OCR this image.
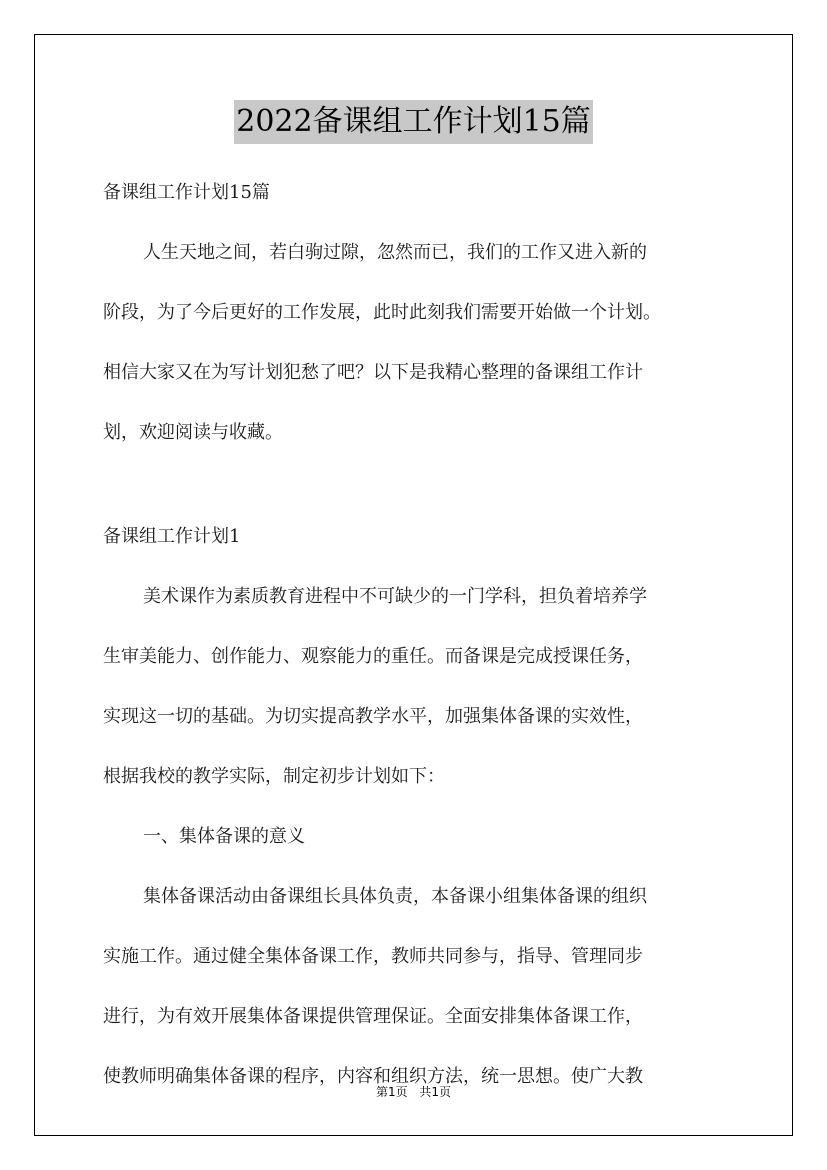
2022备课组工作计划15篇

备课组工作计划15篇

人生天地之间，若白驹过隙，忽然而已，我们的工作又进入新的

阶段，为了今后更好的工作发展，此时此刻我们需要开始做一个计划。

相信大家又在为写计划犯愁了吧？以下是我精心整理的备课组工作计

划，欢迎阅读与收藏。

备课组工作计划1

美术课作为素质教育进程中不可缺少的一门学科，担负着培养学

生审美能力、创作能力、观察能力的重任。而备课是完成授课任务，

实现这一切的基础。为切实提高教学水平，加强集体备课的实效性，

根据我校的教学实际，制定初步计划如下：

一、集体备课的意义

集体备课活动由备课组长具体负责，本备课小组集体备课的组织

实施工作。通过健全集体备课工作，教师共同参与，指导、管理同步

进行，为有效开展集体备课提供管理保证。全面安排集体备课工作，

使教师明确集体备课的程序，内容和组织方法，统一思想。使广大教

第1页 共1页
